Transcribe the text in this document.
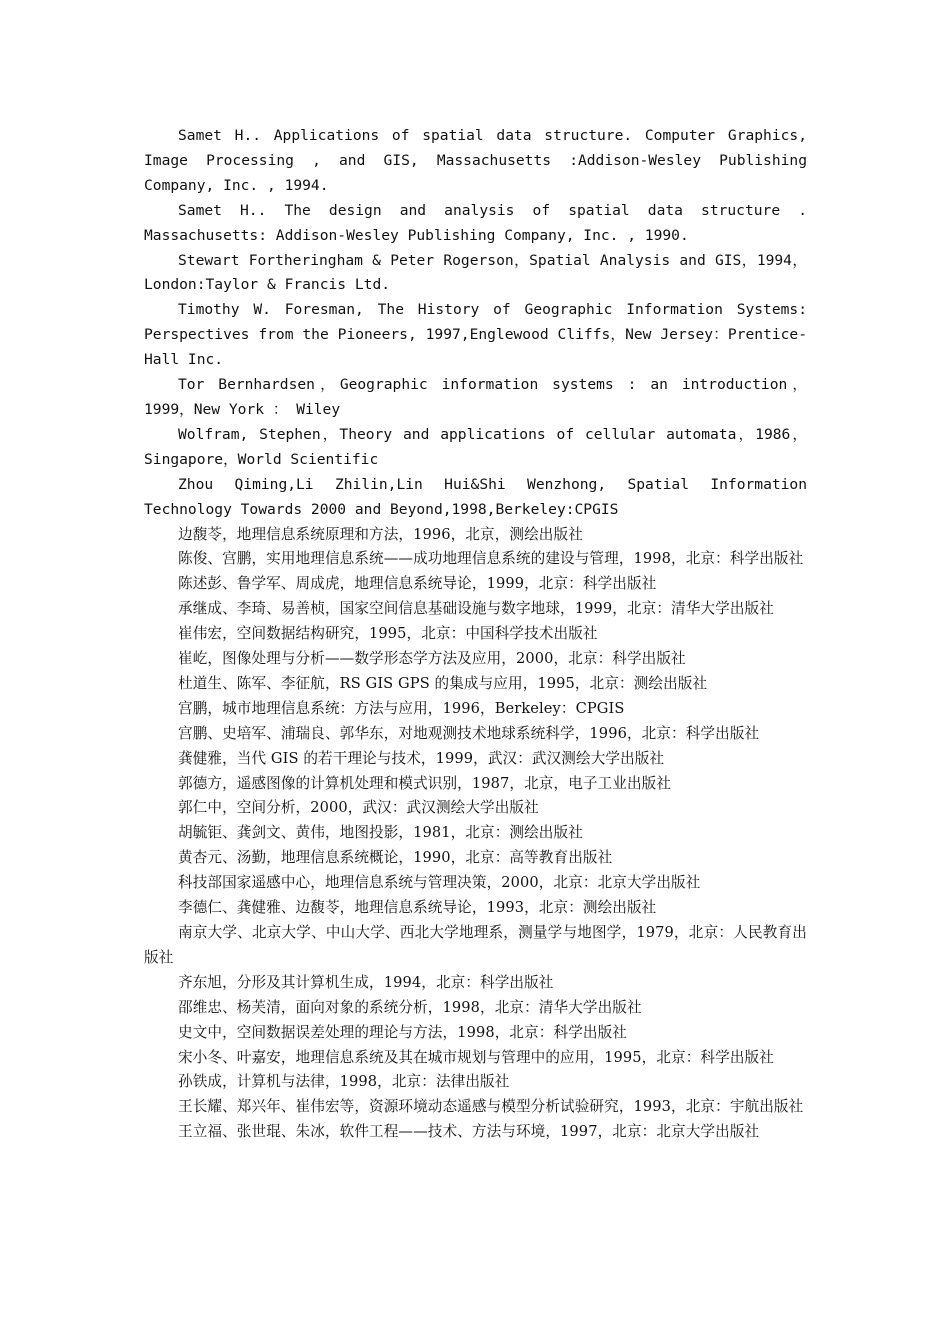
Samet H.. Applications of spatial data structure. Computer Graphics, Image Processing , and GIS, Massachusetts :Addison-Wesley Publishing Company, Inc. , 1994.

Samet H.. The design and analysis of spatial data structure . Massachusetts: Addison-Wesley Publishing Company, Inc. , 1990.

Stewart Fortheringham & Peter Rogerson，Spatial Analysis and GIS，1994，London:Taylor & Francis Ltd.

Timothy W. Foresman, The History of Geographic Information Systems: Perspectives from the Pioneers, 1997,Englewood Cliffs，New Jersey：Prentice-Hall Inc.

Tor Bernhardsen，Geographic information systems : an introduction，1999，New York ： Wiley

Wolfram, Stephen，Theory and applications of cellular automata，1986，Singapore，World Scientific

Zhou Qiming,Li Zhilin,Lin Hui&Shi Wenzhong, Spatial Information Technology Towards 2000 and Beyond,1998,Berkeley:CPGIS

边馥苓，地理信息系统原理和方法，1996，北京，测绘出版社

陈俊、宫鹏，实用地理信息系统——成功地理信息系统的建设与管理，1998，北京：科学出版社

陈述彭、鲁学军、周成虎，地理信息系统导论，1999，北京：科学出版社

承继成、李琦、易善桢，国家空间信息基础设施与数字地球，1999，北京：清华大学出版社

崔伟宏，空间数据结构研究，1995，北京：中国科学技术出版社

崔屹，图像处理与分析——数学形态学方法及应用，2000，北京：科学出版社

杜道生、陈军、李征航，RS GIS GPS 的集成与应用，1995，北京：测绘出版社

宫鹏，城市地理信息系统：方法与应用，1996，Berkeley：CPGIS

宫鹏、史培军、浦瑞良、郭华东，对地观测技术地球系统科学，1996，北京：科学出版社

龚健雅，当代 GIS 的若干理论与技术，1999，武汉：武汉测绘大学出版社

郭德方，遥感图像的计算机处理和模式识别，1987，北京，电子工业出版社

郭仁中，空间分析，2000，武汉：武汉测绘大学出版社

胡毓钜、龚剑文、黄伟，地图投影，1981，北京：测绘出版社

黄杏元、汤勤，地理信息系统概论，1990，北京：高等教育出版社

科技部国家遥感中心，地理信息系统与管理决策，2000，北京：北京大学出版社

李德仁、龚健雅、边馥苓，地理信息系统导论，1993，北京：测绘出版社

南京大学、北京大学、中山大学、西北大学地理系，测量学与地图学，1979，北京：人民教育出版社

齐东旭，分形及其计算机生成，1994，北京：科学出版社

邵维忠、杨芙清，面向对象的系统分析，1998，北京：清华大学出版社

史文中，空间数据误差处理的理论与方法，1998，北京：科学出版社

宋小冬、叶嘉安，地理信息系统及其在城市规划与管理中的应用，1995，北京：科学出版社

孙铁成，计算机与法律，1998，北京：法律出版社

王长耀、郑兴年、崔伟宏等，资源环境动态遥感与模型分析试验研究，1993，北京：宇航出版社

王立福、张世琨、朱冰，软件工程——技术、方法与环境，1997，北京：北京大学出版社
